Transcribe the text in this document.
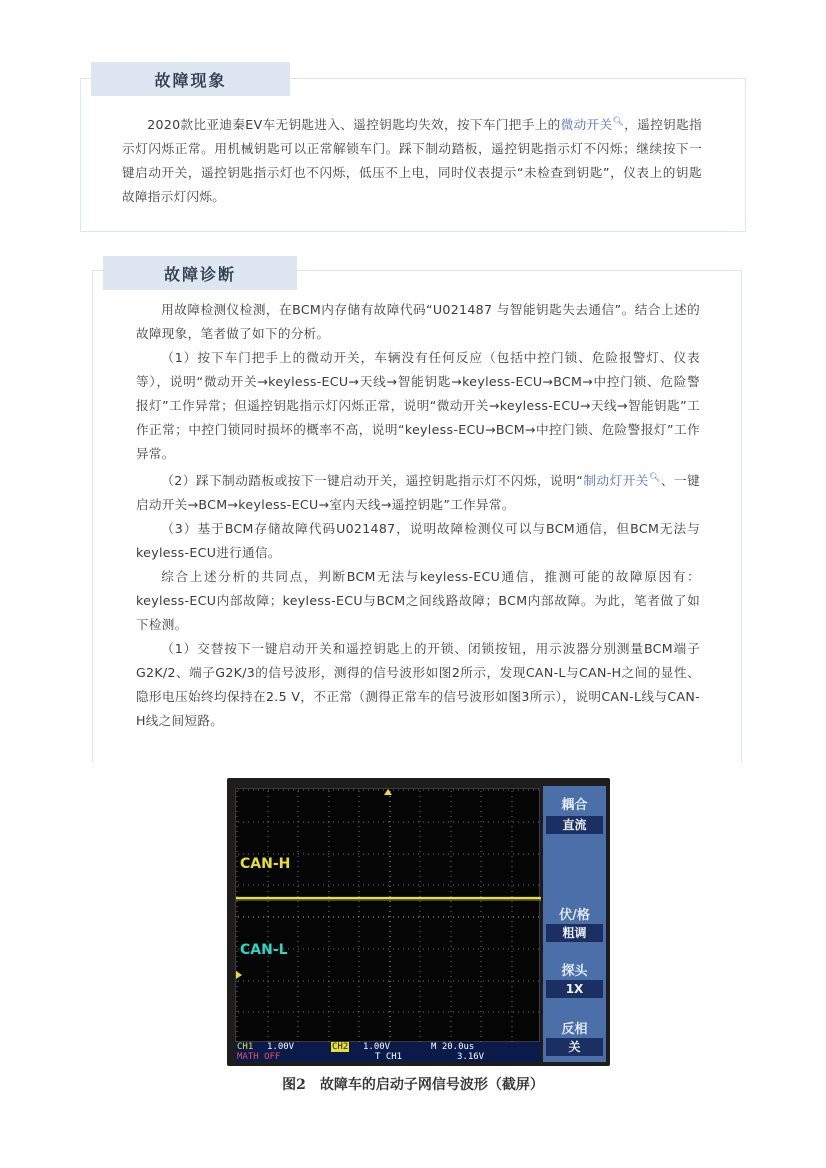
故障现象
2020款比亚迪秦EV车无钥匙进入、遥控钥匙均失效，按下车门把手上的微动开关🔍︎，遥控钥匙指示灯闪烁正常。用机械钥匙可以正常解锁车门。踩下制动踏板，遥控钥匙指示灯不闪烁；继续按下一键启动开关，遥控钥匙指示灯也不闪烁，低压不上电，同时仪表提示“未检查到钥匙”，仪表上的钥匙故障指示灯闪烁。
故障诊断

用故障检测仪检测，在BCM内存储有故障代码“U021487 与智能钥匙失去通信”。结合上述的故障现象，笔者做了如下的分析。

（1）按下车门把手上的微动开关，车辆没有任何反应（包括中控门锁、危险报警灯、仪表等），说明“微动开关→keyless-ECU→天线→智能钥匙→keyless-ECU→BCM→中控门锁、危险警报灯”工作异常；但遥控钥匙指示灯闪烁正常，说明“微动开关→keyless-ECU→天线→智能钥匙”工作正常；中控门锁同时损坏的概率不高，说明“keyless-ECU→BCM→中控门锁、危险警报灯”工作异常。

（2）踩下制动踏板或按下一键启动开关，遥控钥匙指示灯不闪烁，说明“制动灯开关🔍︎、一键启动开关→BCM→keyless-ECU→室内天线→遥控钥匙”工作异常。

（3）基于BCM存储故障代码U021487，说明故障检测仪可以与BCM通信，但BCM无法与keyless-ECU进行通信。

综合上述分析的共同点，判断BCM无法与keyless-ECU通信，推测可能的故障原因有：keyless-ECU内部故障；keyless-ECU与BCM之间线路故障；BCM内部故障。为此，笔者做了如下检测。

（1）交替按下一键启动开关和遥控钥匙上的开锁、闭锁按钮，用示波器分别测量BCM端子G2K/2、端子G2K/3的信号波形，测得的信号波形如图2所示，发现CAN-L与CAN-H之间的显性、隐形电压始终均保持在2.5 V，不正常（测得正常车的信号波形如图3所示），说明CAN-L线与CAN-H线之间短路。

CAN-H
CAN-L
耦合
直流
伏/格
粗调
探头
1X
反相
关
CH1 1.00V	CH2 1.00V	M 20.0us
MATH OFF	T CH1	3.16V
图2　故障车的启动子网信号波形（截屏）
